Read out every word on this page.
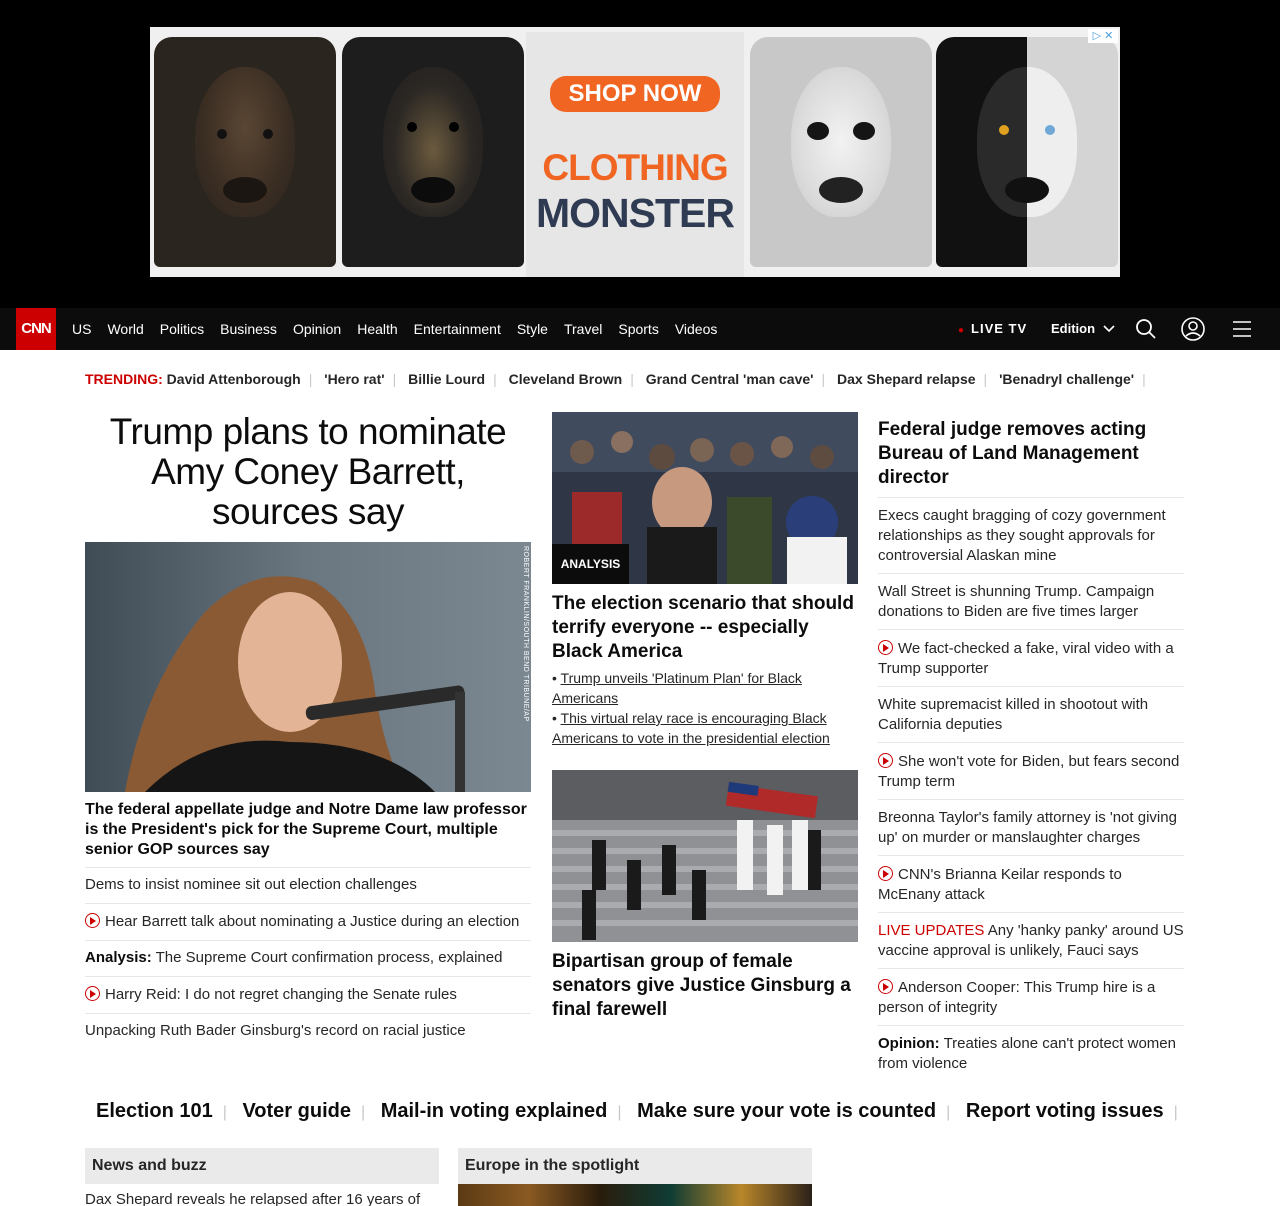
SHOP NOW
CLOTHING
MONSTER
▷ ✕
CNN	US World Politics Business Opinion Health Entertainment Style Travel Sports Videos	● LIVE TV Edition
TRENDING: David Attenborough | 'Hero rat' | Billie Lourd | Cleveland Brown | Grand Central 'man cave' | Dax Shepard relapse | 'Benadryl challenge' |
Trump plans to nominate Amy Coney Barrett, sources say
ROBERT FRANKLIN/SOUTH BEND TRIBUNE/AP
The federal appellate judge and Notre Dame law professor is the President's pick for the Supreme Court, multiple senior GOP sources say
Dems to insist nominee sit out election challenges
Hear Barrett talk about nominating a Justice during an election
Analysis: The Supreme Court confirmation process, explained
Harry Reid: I do not regret changing the Senate rules
Unpacking Ruth Bader Ginsburg's record on racial justice
ANALYSIS
The election scenario that should terrify everyone -- especially Black America
• Trump unveils 'Platinum Plan' for Black Americans
• This virtual relay race is encouraging Black Americans to vote in the presidential election
Bipartisan group of female senators give Justice Ginsburg a final farewell
Federal judge removes acting Bureau of Land Management director
Execs caught bragging of cozy government relationships as they sought approvals for controversial Alaskan mine
Wall Street is shunning Trump. Campaign donations to Biden are five times larger
We fact-checked a fake, viral video with a Trump supporter
White supremacist killed in shootout with California deputies
She won't vote for Biden, but fears second Trump term
Breonna Taylor's family attorney is 'not giving up' on murder or manslaughter charges
CNN's Brianna Keilar responds to McEnany attack
LIVE UPDATES Any 'hanky panky' around US vaccine approval is unlikely, Fauci says
Anderson Cooper: This Trump hire is a person of integrity
Opinion: Treaties alone can't protect women from violence
Election 101 | Voter guide | Mail-in voting explained | Make sure your vote is counted | Report voting issues |
News and buzz
Dax Shepard reveals he relapsed after 16 years of
Europe in the spotlight
